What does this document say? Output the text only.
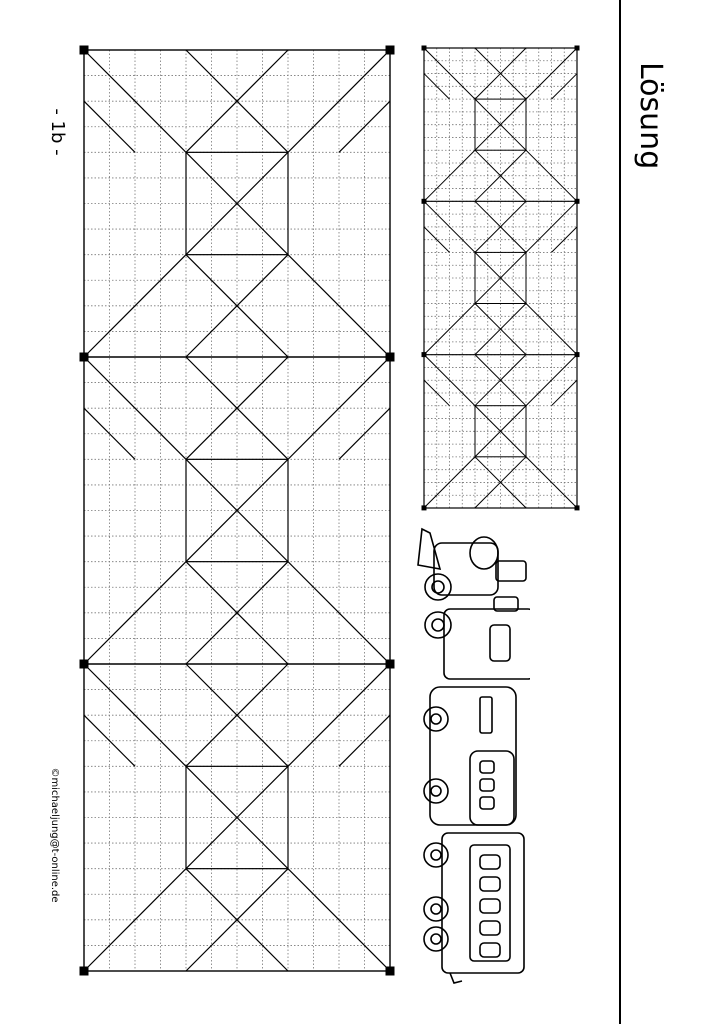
Lösung
- 1b -
©michaeljung@t-online.de
